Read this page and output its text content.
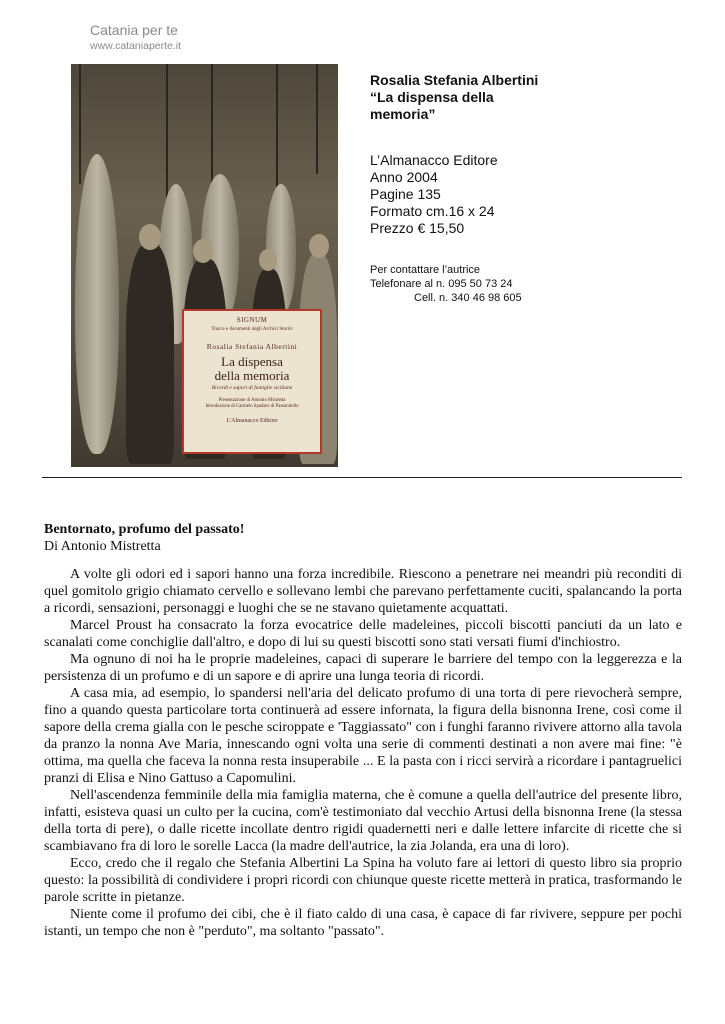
Catania per te
www.cataniaperte.it
SIGNUM
Tracce e documenti degli Archivi Storici
Rosalia Stefania Albertini
La dispensa
della memoria
Ricordi e sapori di famiglie siciliane
Presentazione di Antonio Mistretta
Introduzione di Carmelo Spadaro di Passanitello
L'Almanacco Editore
Rosalia Stefania Albertini
“La dispensa della memoria”
L’Almanacco Editore
Anno 2004
Pagine 135
Formato cm.16 x 24
Prezzo € 15,50
Per contattare l’autrice
Telefonare al n. 095 50 73 24
Cell. n. 340 46 98 605
Bentornato, profumo del passato!
Di Antonio Mistretta

A volte gli odori ed i sapori hanno una forza incredibile. Riescono a penetrare nei meandri più reconditi di quel gomitolo grigio chiamato cervello e sollevano lembi che parevano perfettamente cuciti, spalancando la porta a ricordi, sensazioni, personaggi e luoghi che se ne stavano quietamente acquattati.

Marcel Proust ha consacrato la forza evocatrice delle madeleines, piccoli biscotti panciuti da un lato e scanalati come conchiglie dall'altro, e dopo di lui su questi biscotti sono stati versati fiumi d'inchiostro.

Ma ognuno di noi ha le proprie madeleines, capaci di superare le barriere del tempo con la leggerezza e la persistenza di un profumo e di un sapore e di aprire una lunga teoria di ricordi.

A casa mia, ad esempio, lo spandersi nell'aria del delicato profumo di una torta di pere rievocherà sempre, fino a quando questa particolare torta continuerà ad essere infornata, la figura della bisnonna Irene, così come il sapore della crema gialla con le pesche sciroppate e 'Taggiassato" con i funghi faranno rivivere attorno alla tavola da pranzo la nonna Ave Maria, innescando ogni volta una serie di commenti destinati a non avere mai fine: "è ottima, ma quella che faceva la nonna resta insuperabile ... E la pasta con i ricci servirà a ricordare i pantagruelici pranzi di Elisa e Nino Gattuso a Capomulini.

Nell'ascendenza femminile della mia famiglia materna, che è comune a quella dell'autrice del presente libro, infatti, esisteva quasi un culto per la cucina, com'è testimoniato dal vecchio Artusi della bisnonna Irene (la stessa della torta di pere), o dalle ricette incollate dentro rigidi quadernetti neri e dalle lettere infarcite di ricette che si scambiavano fra di loro le sorelle Lacca (la madre dell'autrice, la zia Jolanda, era una di loro).

Ecco, credo che il regalo che Stefania Albertini La Spina ha voluto fare ai lettori di questo libro sia proprio questo: la possibilità di condividere i propri ricordi con chiunque queste ricette metterà in pratica, trasformando le parole scritte in pietanze.

Niente come il profumo dei cibi, che è il fiato caldo di una casa, è capace di far rivivere, seppure per pochi istanti, un tempo che non è "perduto", ma soltanto "passato".
